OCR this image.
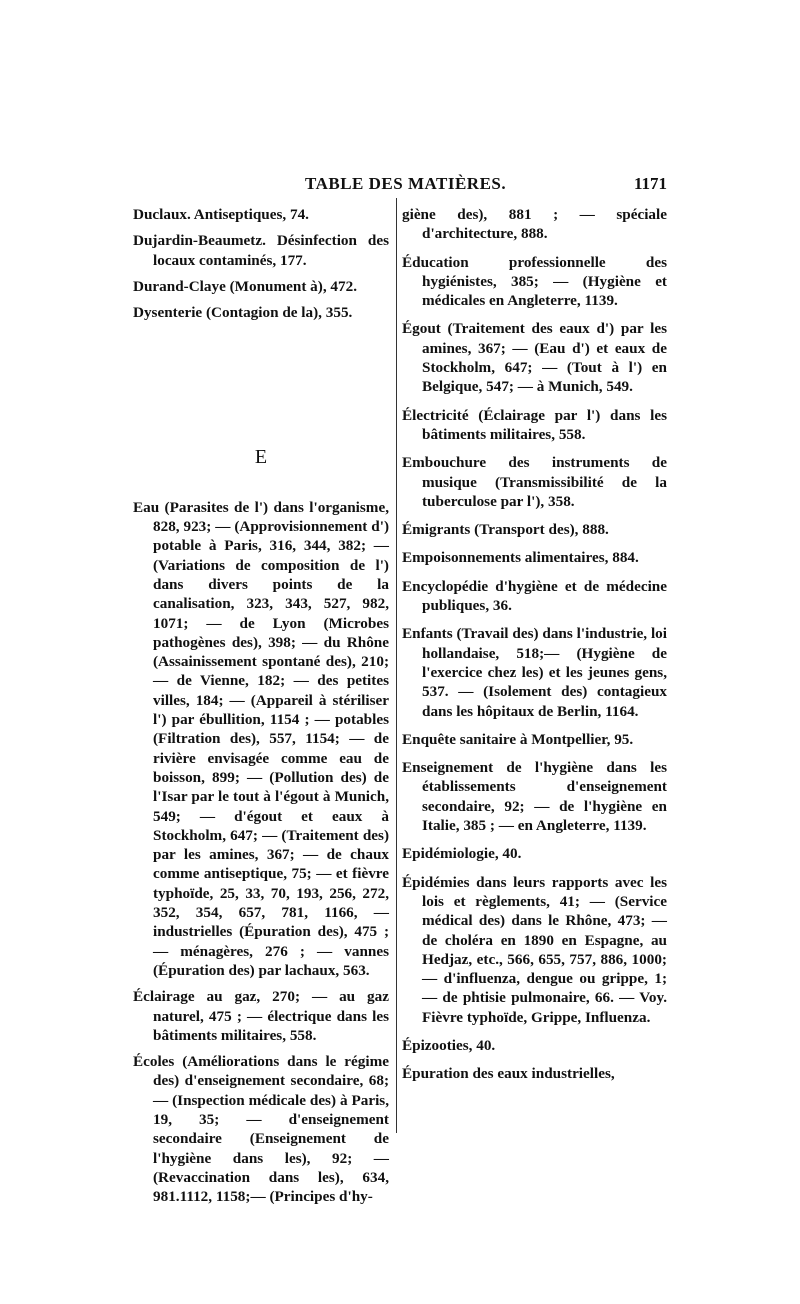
TABLE DES MATIÈRES.	1171

Duclaux. Antiseptiques, 74.

Dujardin-Beaumetz. Désinfection des locaux contaminés, 177.

Durand-Claye (Monument à), 472.

Dysenterie (Contagion de la), 355.

E

Eau (Parasites de l') dans l'organisme, 828, 923; — (Approvisionnement d') potable à Paris, 316, 344, 382; — (Variations de composition de l') dans divers points de la canalisation, 323, 343, 527, 982, 1071; — de Lyon (Microbes pathogènes des), 398; — du Rhône (Assainissement spontané des), 210; — de Vienne, 182; — des petites villes, 184; — (Appareil à stériliser l') par ébullition, 1154 ; — potables (Filtration des), 557, 1154; — de rivière envisagée comme eau de boisson, 899; — (Pollution des) de l'Isar par le tout à l'égout à Munich, 549; — d'égout et eaux à Stockholm, 647; — (Traitement des) par les amines, 367; — de chaux comme antiseptique, 75; — et fièvre typhoïde, 25, 33, 70, 193, 256, 272, 352, 354, 657, 781, 1166, — industrielles (Épuration des), 475 ; — ménagères, 276 ; — vannes (Épuration des) par lachaux, 563.

Éclairage au gaz, 270; — au gaz naturel, 475 ; — électrique dans les bâtiments militaires, 558.

Écoles (Améliorations dans le régime des) d'enseignement secondaire, 68; — (Inspection médicale des) à Paris, 19, 35; — d'enseignement secondaire (Enseignement de l'hygiène dans les), 92; — (Revaccination dans les), 634, 981.1112, 1158;— (Principes d'hy-

giène des), 881 ; — spéciale d'architecture, 888.

Éducation professionnelle des hygiénistes, 385; — (Hygiène et médicales en Angleterre, 1139.

Égout (Traitement des eaux d') par les amines, 367; — (Eau d') et eaux de Stockholm, 647; — (Tout à l') en Belgique, 547; — à Munich, 549.

Électricité (Éclairage par l') dans les bâtiments militaires, 558.

Embouchure des instruments de musique (Transmissibilité de la tuberculose par l'), 358.

Émigrants (Transport des), 888.

Empoisonnements alimentaires, 884.

Encyclopédie d'hygiène et de médecine publiques, 36.

Enfants (Travail des) dans l'industrie, loi hollandaise, 518;— (Hygiène de l'exercice chez les) et les jeunes gens, 537. — (Isolement des) contagieux dans les hôpitaux de Berlin, 1164.

Enquête sanitaire à Montpellier, 95.

Enseignement de l'hygiène dans les établissements d'enseignement secondaire, 92; — de l'hygiène en Italie, 385 ; — en Angleterre, 1139.

Epidémiologie, 40.

Épidémies dans leurs rapports avec les lois et règlements, 41; — (Service médical des) dans le Rhône, 473; — de choléra en 1890 en Espagne, au Hedjaz, etc., 566, 655, 757, 886, 1000; — d'influenza, dengue ou grippe, 1; — de phtisie pulmonaire, 66. — Voy. Fièvre typhoïde, Grippe, Influenza.

Épizooties, 40.

Épuration des eaux industrielles,
